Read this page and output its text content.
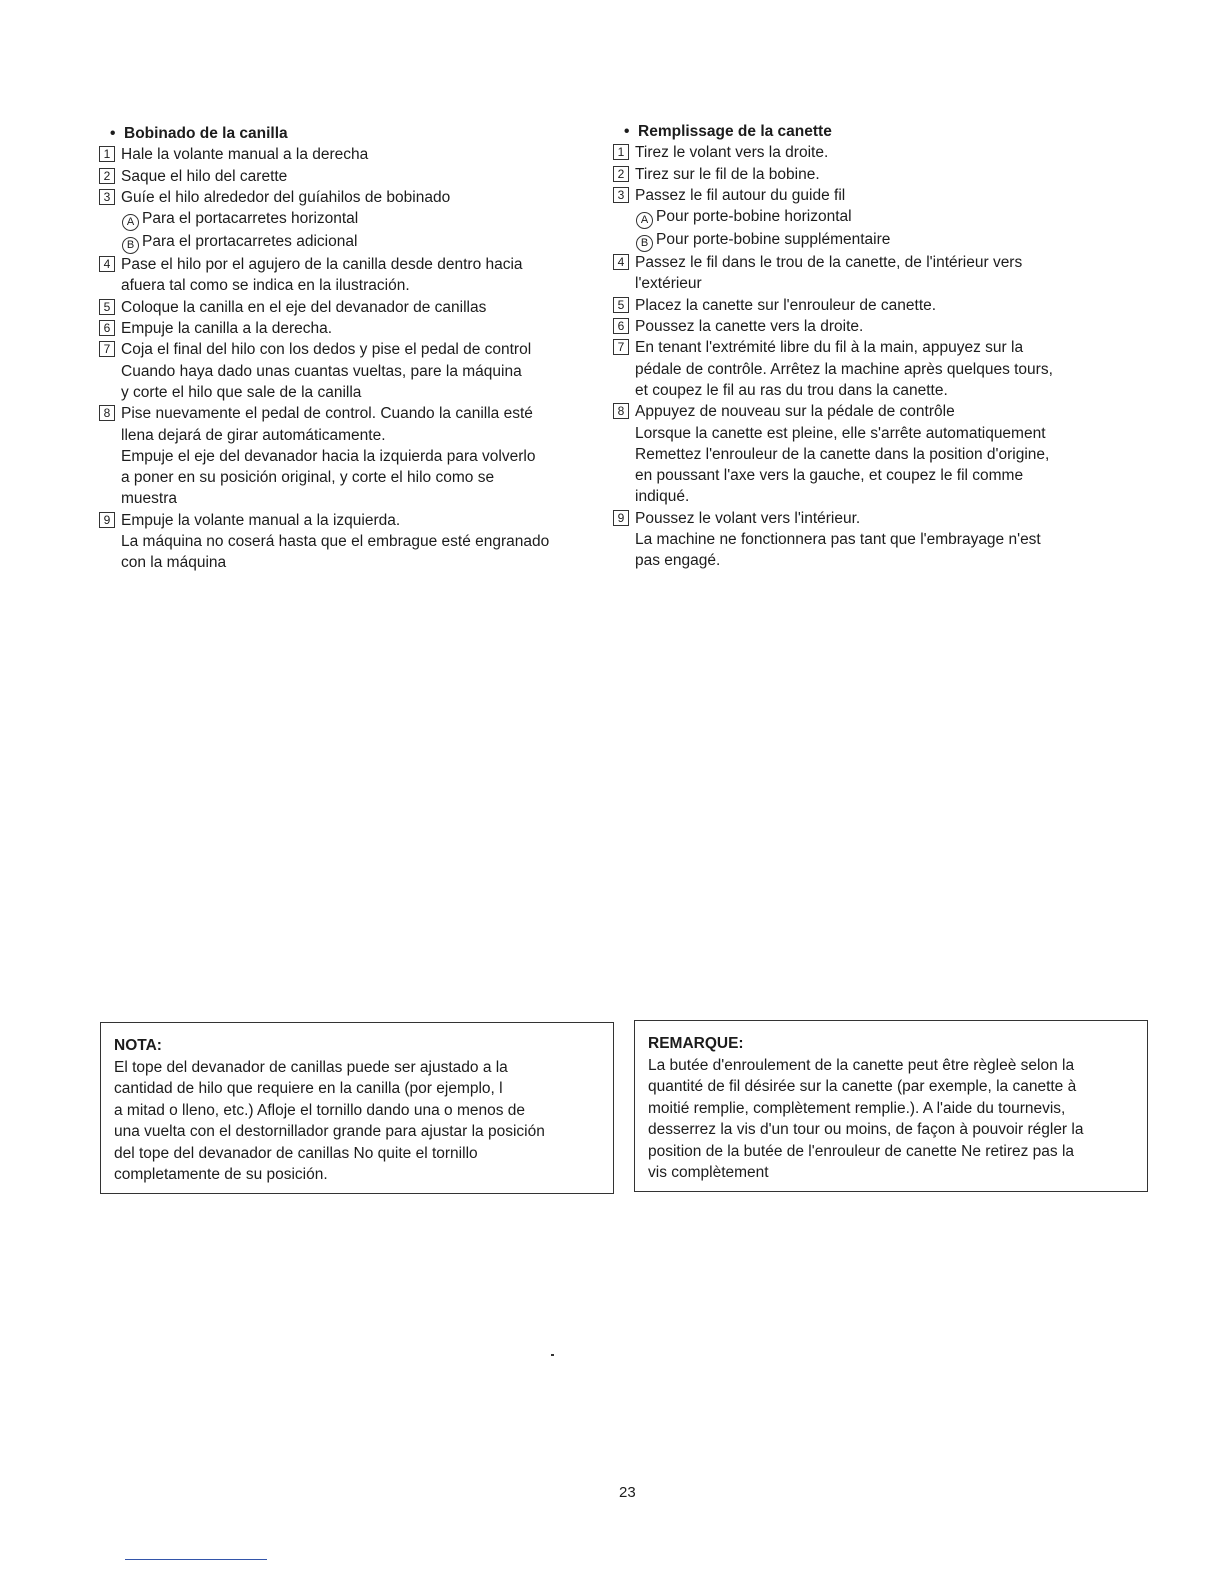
• Bobinado de la canilla
1 Hale la volante manual a la derecha
2 Saque el hilo del carette
3 Guíe el hilo alrededor del guíahilos de bobinado
A Para el portacarretes horizontal
B Para el prortacarretes adicional
4 Pase el hilo por el agujero de la canilla desde dentro hacia
afuera tal como se indica en la ilustración.
5 Coloque la canilla en el eje del devanador de canillas
6 Empuje la canilla a la derecha.
7 Coja el final del hilo con los dedos y pise el pedal de control
Cuando haya dado unas cuantas vueltas, pare la máquina
y corte el hilo que sale de la canilla
8 Pise nuevamente el pedal de control. Cuando la canilla esté
llena dejará de girar automáticamente.
Empuje el eje del devanador hacia la izquierda para volverlo
a poner en su posición original, y corte el hilo como se
muestra
9 Empuje la volante manual a la izquierda.
La máquina no coserá hasta que el embrague esté engranado
con la máquina
• Remplissage de la canette
1 Tirez le volant vers la droite.
2 Tirez sur le fil de la bobine.
3 Passez le fil autour du guide fil
A Pour porte-bobine horizontal
B Pour porte-bobine supplémentaire
4 Passez le fil dans le trou de la canette, de l'intérieur vers
l'extérieur
5 Placez la canette sur l'enrouleur de canette.
6 Poussez la canette vers la droite.
7 En tenant l'extrémité libre du fil à la main, appuyez sur la
pédale de contrôle. Arrêtez la machine après quelques tours,
et coupez le fil au ras du trou dans la canette.
8 Appuyez de nouveau sur la pédale de contrôle
Lorsque la canette est pleine, elle s'arrête automatiquement
Remettez l'enrouleur de la canette dans la position d'origine,
en poussant l'axe vers la gauche, et coupez le fil comme
indiqué.
9 Poussez le volant vers l'intérieur.
La machine ne fonctionnera pas tant que l'embrayage n'est
pas engagé.
NOTA:
El tope del devanador de canillas puede ser ajustado a la
cantidad de hilo que requiere en la canilla (por ejemplo, l
a mitad o lleno, etc.) Afloje el tornillo dando una o menos de
una vuelta con el destornillador grande para ajustar la posición
del tope del devanador de canillas No quite el tornillo
completamente de su posición.
REMARQUE:
La butée d'enroulement de la canette peut être règleè selon la
quantité de fil désirée sur la canette (par exemple, la canette à
moitié remplie, complètement remplie.). A l'aide du tournevis,
desserrez la vis d'un tour ou moins, de façon à pouvoir régler la
position de la butée de l'enrouleur de canette Ne retirez pas la
vis complètement
23
